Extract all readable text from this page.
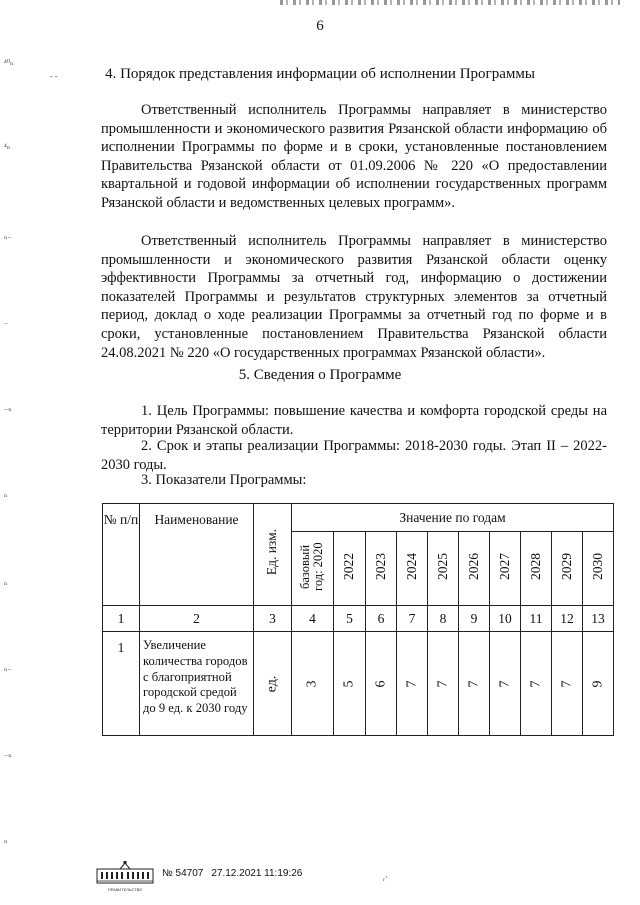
6
⁴⁰ₙ
- -
⁴ₙ
ₙ₋
₋
₋ₙ
ₙ
ₙ
ₙ₋
₋ₙ
ₙ
4. Порядок представления информации об исполнении Программы

Ответственный исполнитель Программы направляет в министерство промышленности и экономического развития Рязанской области информацию об исполнении Программы по форме и в сроки, установленные постановлением Правительства Рязанской области от 01.09.2006 № 220 «О предоставлении квартальной и годовой информации об исполнении государственных программ Рязанской области и ведомственных целевых программ».

Ответственный исполнитель Программы направляет в министерство промышленности и экономического развития Рязанской области оценку эффективности Программы за отчетный год, информацию о достижении показателей Программы и результатов структурных элементов за отчетный период, доклад о ходе реализации Программы за отчетный год по форме и в сроки, установленные постановлением Правительства Рязанской области 24.08.2021 № 220 «О государственных программах Рязанской области».

5. Сведения о Программе

1. Цель Программы: повышение качества и комфорта городской среды на территории Рязанской области.

2. Срок и этапы реализации Программы: 2018-2030 годы. Этап II – 2022-2030 годы.

3. Показатели Программы:

№ п/п	Наименование	Ед. изм.	Значение по годам									
			базовый год: 2020	2022	2023	2024	2025	2026	2027	2028	2029	2030
1	2	3	4	5	6	7	8	9	10	11	12	13
1	Увеличение количества городов с благоприятной городской средой до 9 ед. к 2030 году	ед.	3	5	6	7	7	7	7	7	7	9
ПРАВИТЕЛЬСТВО
№ 54707 27.12.2021 11:19:26	ᵣ·
